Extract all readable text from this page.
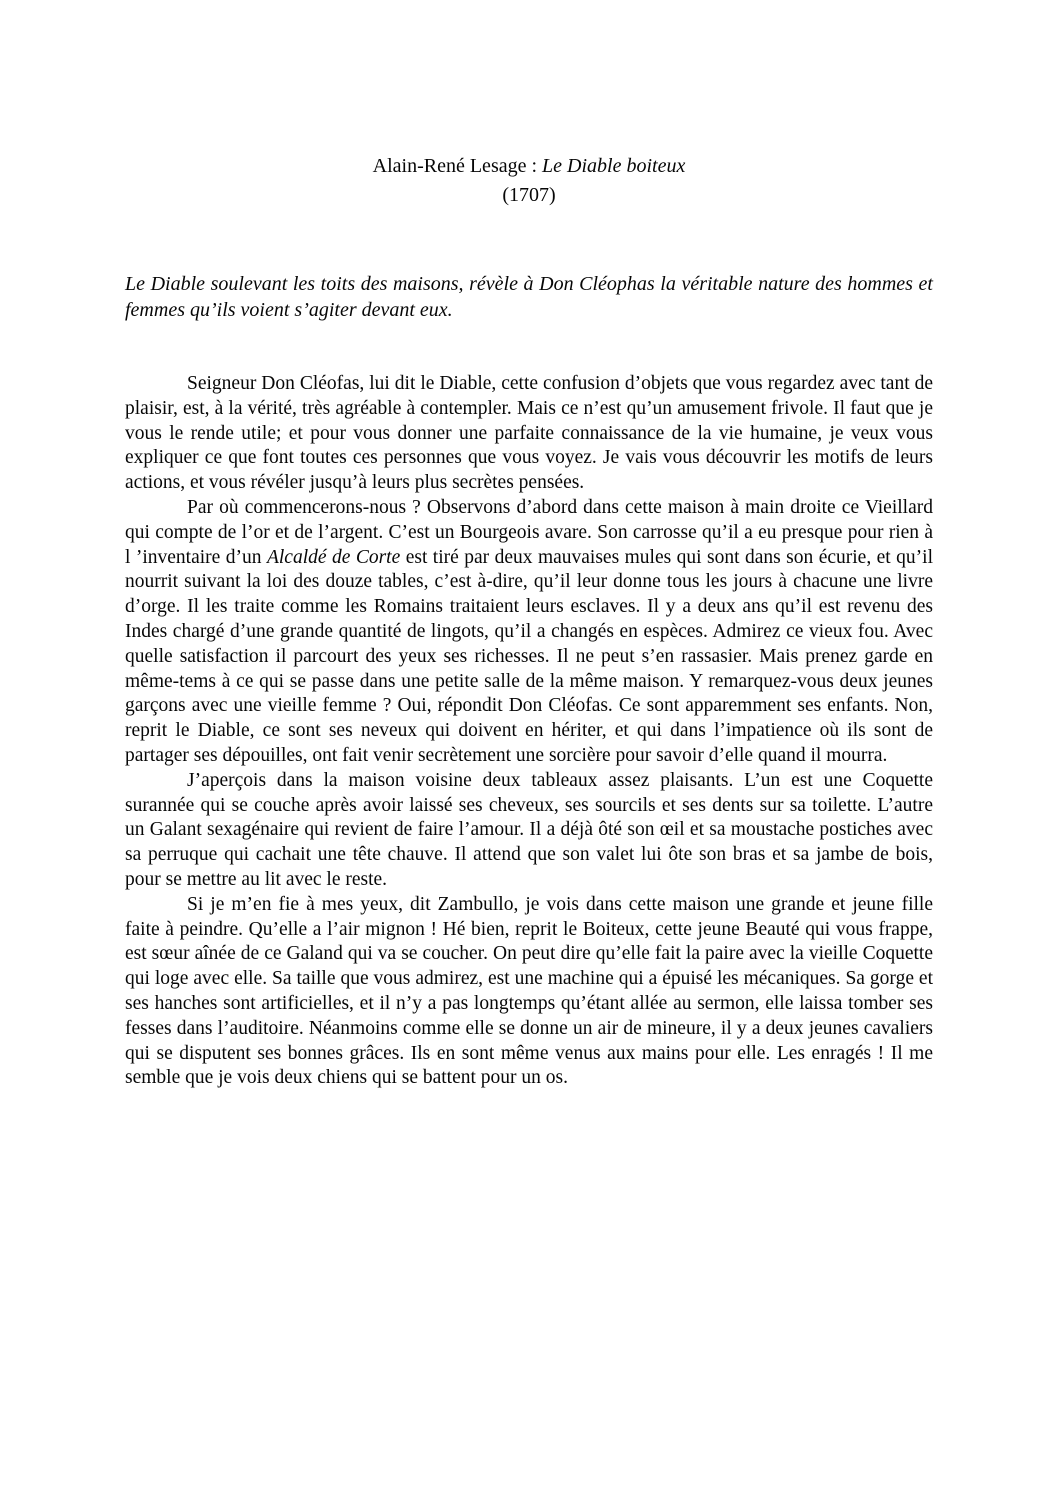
Alain-René Lesage : Le Diable boiteux
(1707)

Le Diable soulevant les toits des maisons, révèle à Don Cléophas la véritable nature des hommes et femmes qu’ils voient s’agiter devant eux.

Seigneur Don Cléofas, lui dit le Diable, cette confusion d’objets que vous regardez avec tant de plaisir, est, à la vérité, très agréable à contempler. Mais ce n’est qu’un amusement frivole. Il faut que je vous le rende utile; et pour vous donner une parfaite connaissance de la vie humaine, je veux vous expliquer ce que font toutes ces personnes que vous voyez. Je vais vous découvrir les motifs de leurs actions, et vous révéler jusqu’à leurs plus secrètes pensées.

Par où commencerons-nous ? Observons d’abord dans cette maison à main droite ce Vieillard qui compte de l’or et de l’argent. C’est un Bourgeois avare. Son carrosse qu’il a eu presque pour rien à l ’inventaire d’un Alcaldé de Corte est tiré par deux mauvaises mules qui sont dans son écurie, et qu’il nourrit suivant la loi des douze tables, c’est à-dire, qu’il leur donne tous les jours à chacune une livre d’orge. Il les traite comme les Romains traitaient leurs esclaves. Il y a deux ans qu’il est revenu des Indes chargé d’une grande quantité de lingots, qu’il a changés en espèces. Admirez ce vieux fou. Avec quelle satisfaction il parcourt des yeux ses richesses. Il ne peut s’en rassasier. Mais prenez garde en même-tems à ce qui se passe dans une petite salle de la même maison. Y remarquez-vous deux jeunes garçons avec une vieille femme ? Oui, répondit Don Cléofas. Ce sont apparemment ses enfants. Non, reprit le Diable, ce sont ses neveux qui doivent en hériter, et qui dans l’impatience où ils sont de partager ses dépouilles, ont fait venir secrètement une sorcière pour savoir d’elle quand il mourra.

J’aperçois dans la maison voisine deux tableaux assez plaisants. L’un est une Coquette surannée qui se couche après avoir laissé ses cheveux, ses sourcils et ses dents sur sa toilette. L’autre un Galant sexagénaire qui revient de faire l’amour. Il a déjà ôté son œil et sa moustache postiches avec sa perruque qui cachait une tête chauve. Il attend que son valet lui ôte son bras et sa jambe de bois, pour se mettre au lit avec le reste.

Si je m’en fie à mes yeux, dit Zambullo, je vois dans cette maison une grande et jeune fille faite à peindre. Qu’elle a l’air mignon ! Hé bien, reprit le Boiteux, cette jeune Beauté qui vous frappe, est sœur aînée de ce Galand qui va se coucher. On peut dire qu’elle fait la paire avec la vieille Coquette qui loge avec elle. Sa taille que vous admirez, est une machine qui a épuisé les mécaniques. Sa gorge et ses hanches sont artificielles, et il n’y a pas longtemps qu’étant allée au sermon, elle laissa tomber ses fesses dans l’auditoire. Néanmoins comme elle se donne un air de mineure, il y a deux jeunes cavaliers qui se disputent ses bonnes grâces. Ils en sont même venus aux mains pour elle. Les enragés ! Il me semble que je vois deux chiens qui se battent pour un os.
